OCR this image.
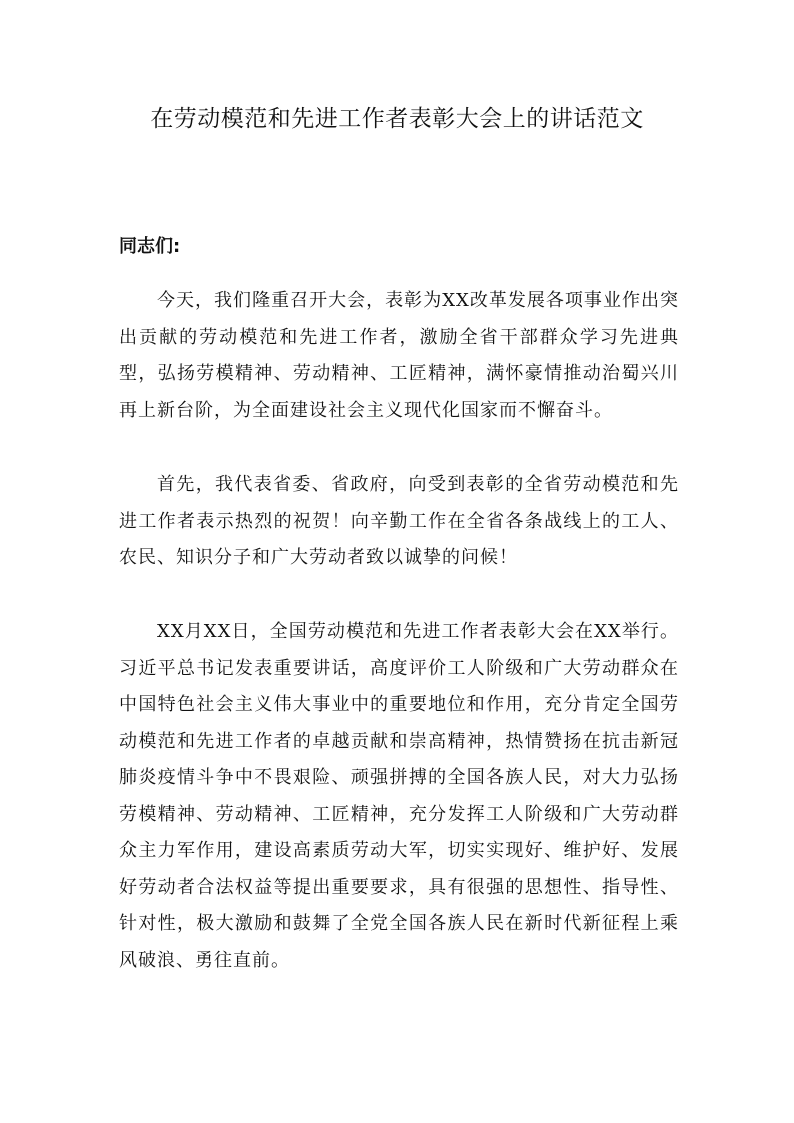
在劳动模范和先进工作者表彰大会上的讲话范文

同志们:

今天，我们隆重召开大会，表彰为XX改革发展各项事业作出突出贡献的劳动模范和先进工作者，激励全省干部群众学习先进典型，弘扬劳模精神、劳动精神、工匠精神，满怀豪情推动治蜀兴川再上新台阶，为全面建设社会主义现代化国家而不懈奋斗。

首先，我代表省委、省政府，向受到表彰的全省劳动模范和先进工作者表示热烈的祝贺！向辛勤工作在全省各条战线上的工人、农民、知识分子和广大劳动者致以诚挚的问候！

XX月XX日，全国劳动模范和先进工作者表彰大会在XX举行。习近平总书记发表重要讲话，高度评价工人阶级和广大劳动群众在中国特色社会主义伟大事业中的重要地位和作用，充分肯定全国劳动模范和先进工作者的卓越贡献和崇高精神，热情赞扬在抗击新冠肺炎疫情斗争中不畏艰险、顽强拼搏的全国各族人民，对大力弘扬劳模精神、劳动精神、工匠精神，充分发挥工人阶级和广大劳动群众主力军作用，建设高素质劳动大军，切实实现好、维护好、发展好劳动者合法权益等提出重要要求，具有很强的思想性、指导性、针对性，极大激励和鼓舞了全党全国各族人民在新时代新征程上乘风破浪、勇往直前。
